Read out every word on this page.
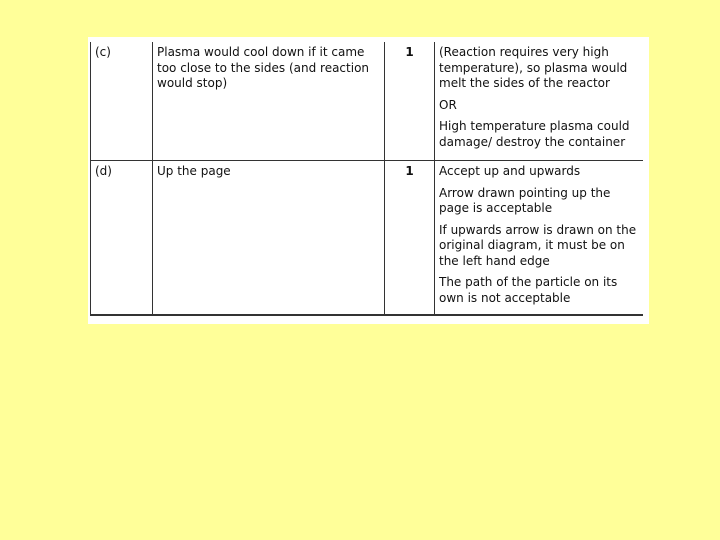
(c)	Plasma would cool down if it came too close to the sides (and reaction would stop)	1	(Reaction requires very high temperature), so plasma would melt the sides of the reactor
OR
High temperature plasma could damage/ destroy the container

(d)	Up the page	1	Accept up and upwards
Arrow drawn pointing up the page is acceptable
If upwards arrow is drawn on the original diagram, it must be on the left hand edge
The path of the particle on its own is not acceptable
